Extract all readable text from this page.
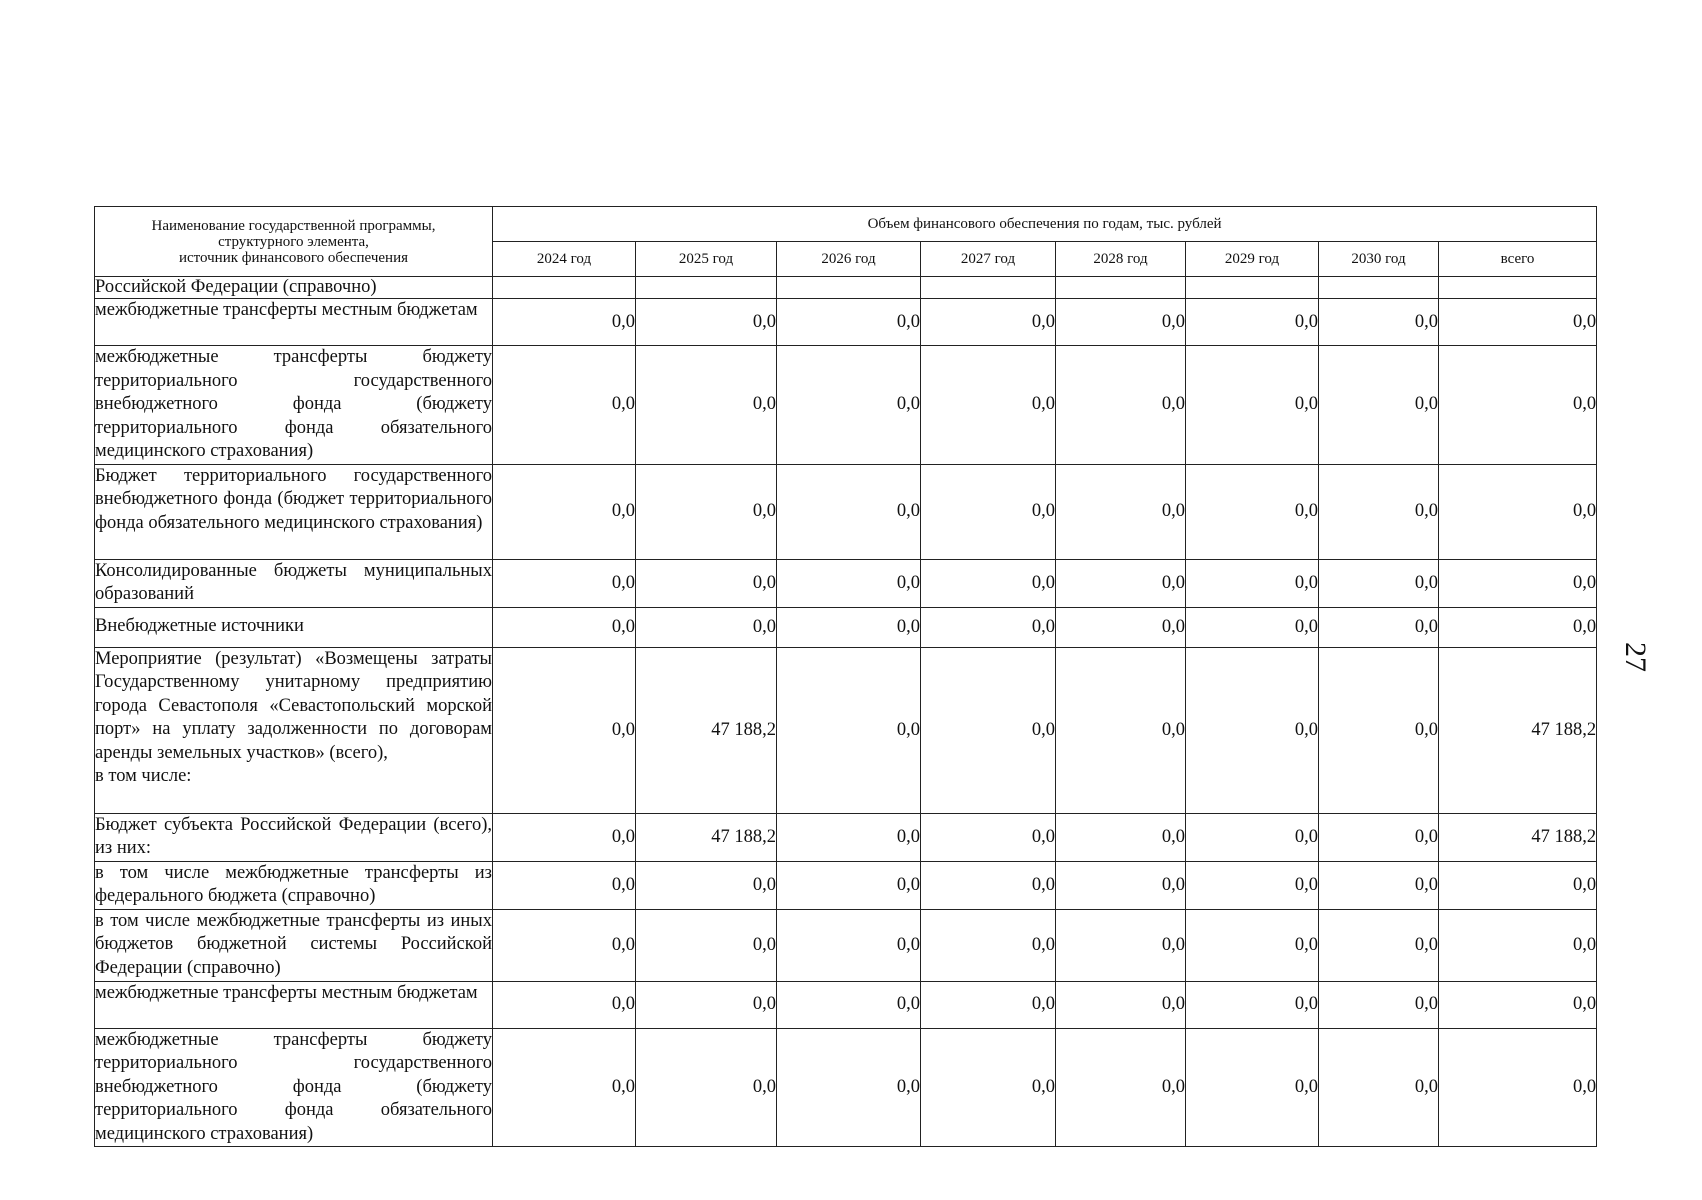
Наименование государственной программы,
структурного элемента,
источник финансового обеспечения	Объем финансового обеспечения по годам, тыс. рублей							
	2024 год	2025 год	2026 год	2027 год	2028 год	2029 год	2030 год	всего
Российской Федерации (справочно)								
межбюджетные трансферты местным бюджетам	0,0	0,0	0,0	0,0	0,0	0,0	0,0	0,0
межбюджетные трансферты бюджету территориального государственного внебюджетного фонда (бюджету территориального фонда обязательного медицинского страхования)	0,0	0,0	0,0	0,0	0,0	0,0	0,0	0,0
Бюджет территориального государственного внебюджетного фонда (бюджет территориального фонда обязательного медицинского страхования)	0,0	0,0	0,0	0,0	0,0	0,0	0,0	0,0
Консолидированные бюджеты муниципальных образований	0,0	0,0	0,0	0,0	0,0	0,0	0,0	0,0
Внебюджетные источники	0,0	0,0	0,0	0,0	0,0	0,0	0,0	0,0
Мероприятие (результат) «Возмещены затраты Государственному унитарному предприятию города Севастополя «Севастопольский морской порт» на уплату задолженности по договорам аренды земельных участков» (всего),
в том числе:	0,0	47 188,2	0,0	0,0	0,0	0,0	0,0	47 188,2
Бюджет субъекта Российской Федерации (всего), из них:	0,0	47 188,2	0,0	0,0	0,0	0,0	0,0	47 188,2
в том числе межбюджетные трансферты из федерального бюджета (справочно)	0,0	0,0	0,0	0,0	0,0	0,0	0,0	0,0
в том числе межбюджетные трансферты из иных бюджетов бюджетной системы Российской Федерации (справочно)	0,0	0,0	0,0	0,0	0,0	0,0	0,0	0,0
межбюджетные трансферты местным бюджетам	0,0	0,0	0,0	0,0	0,0	0,0	0,0	0,0
межбюджетные трансферты бюджету территориального государственного внебюджетного фонда (бюджету территориального фонда обязательного медицинского страхования)	0,0	0,0	0,0	0,0	0,0	0,0	0,0	0,0
27
